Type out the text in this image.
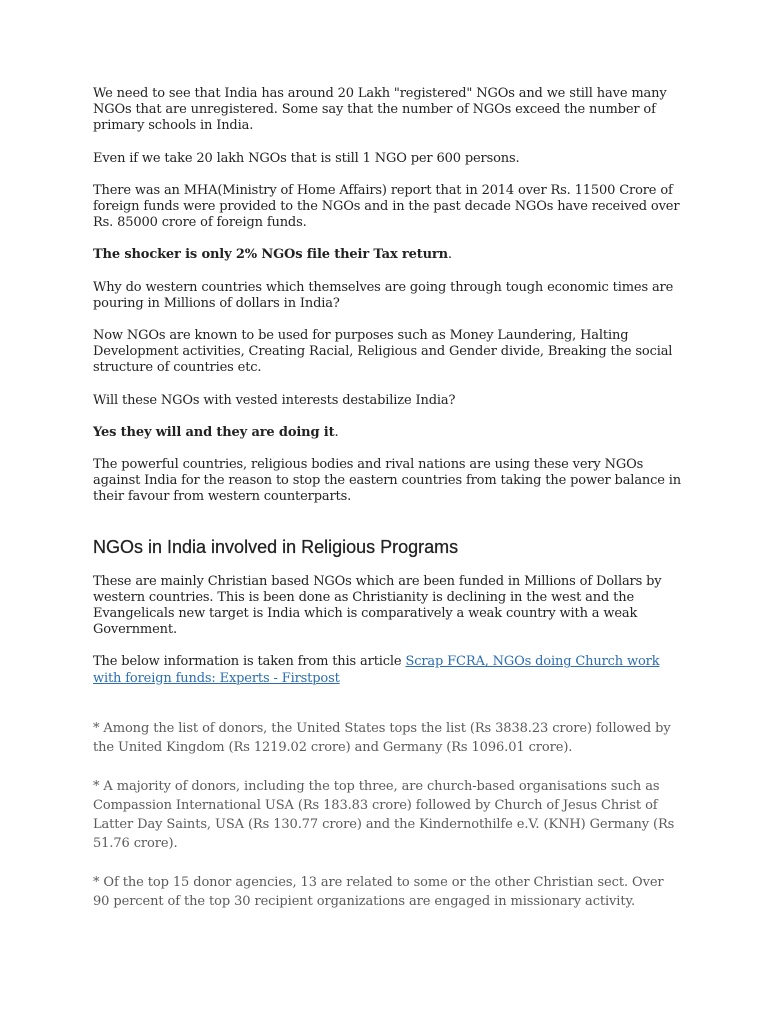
We need to see that India has around 20 Lakh "registered" NGOs and we still have many NGOs that are unregistered. Some say that the number of NGOs exceed the number of primary schools in India.

Even if we take 20 lakh NGOs that is still 1 NGO per 600 persons.

There was an MHA(Ministry of Home Affairs) report that in 2014 over Rs. 11500 Crore of foreign funds were provided to the NGOs and in the past decade NGOs have received over Rs. 85000 crore of foreign funds.

The shocker is only 2% NGOs file their Tax return.

Why do western countries which themselves are going through tough economic times are pouring in Millions of dollars in India?

Now NGOs are known to be used for purposes such as Money Laundering, Halting Development activities, Creating Racial, Religious and Gender divide, Breaking the social structure of countries etc.

Will these NGOs with vested interests destabilize India?

Yes they will and they are doing it.

The powerful countries, religious bodies and rival nations are using these very NGOs against India for the reason to stop the eastern countries from taking the power balance in their favour from western counterparts.

NGOs in India involved in Religious Programs

These are mainly Christian based NGOs which are been funded in Millions of Dollars by western countries. This is been done as Christianity is declining in the west and the Evangelicals new target is India which is comparatively a weak country with a weak Government.

The below information is taken from this article Scrap FCRA, NGOs doing Church work with foreign funds: Experts - Firstpost

* Among the list of donors, the United States tops the list (Rs 3838.23 crore) followed by the United Kingdom (Rs 1219.02 crore) and Germany (Rs 1096.01 crore).

* A majority of donors, including the top three, are church-based organisations such as Compassion International USA (Rs 183.83 crore) followed by Church of Jesus Christ of Latter Day Saints, USA (Rs 130.77 crore) and the Kindernothilfe e.V. (KNH) Germany (Rs 51.76 crore).

* Of the top 15 donor agencies, 13 are related to some or the other Christian sect. Over 90 percent of the top 30 recipient organizations are engaged in missionary activity.
